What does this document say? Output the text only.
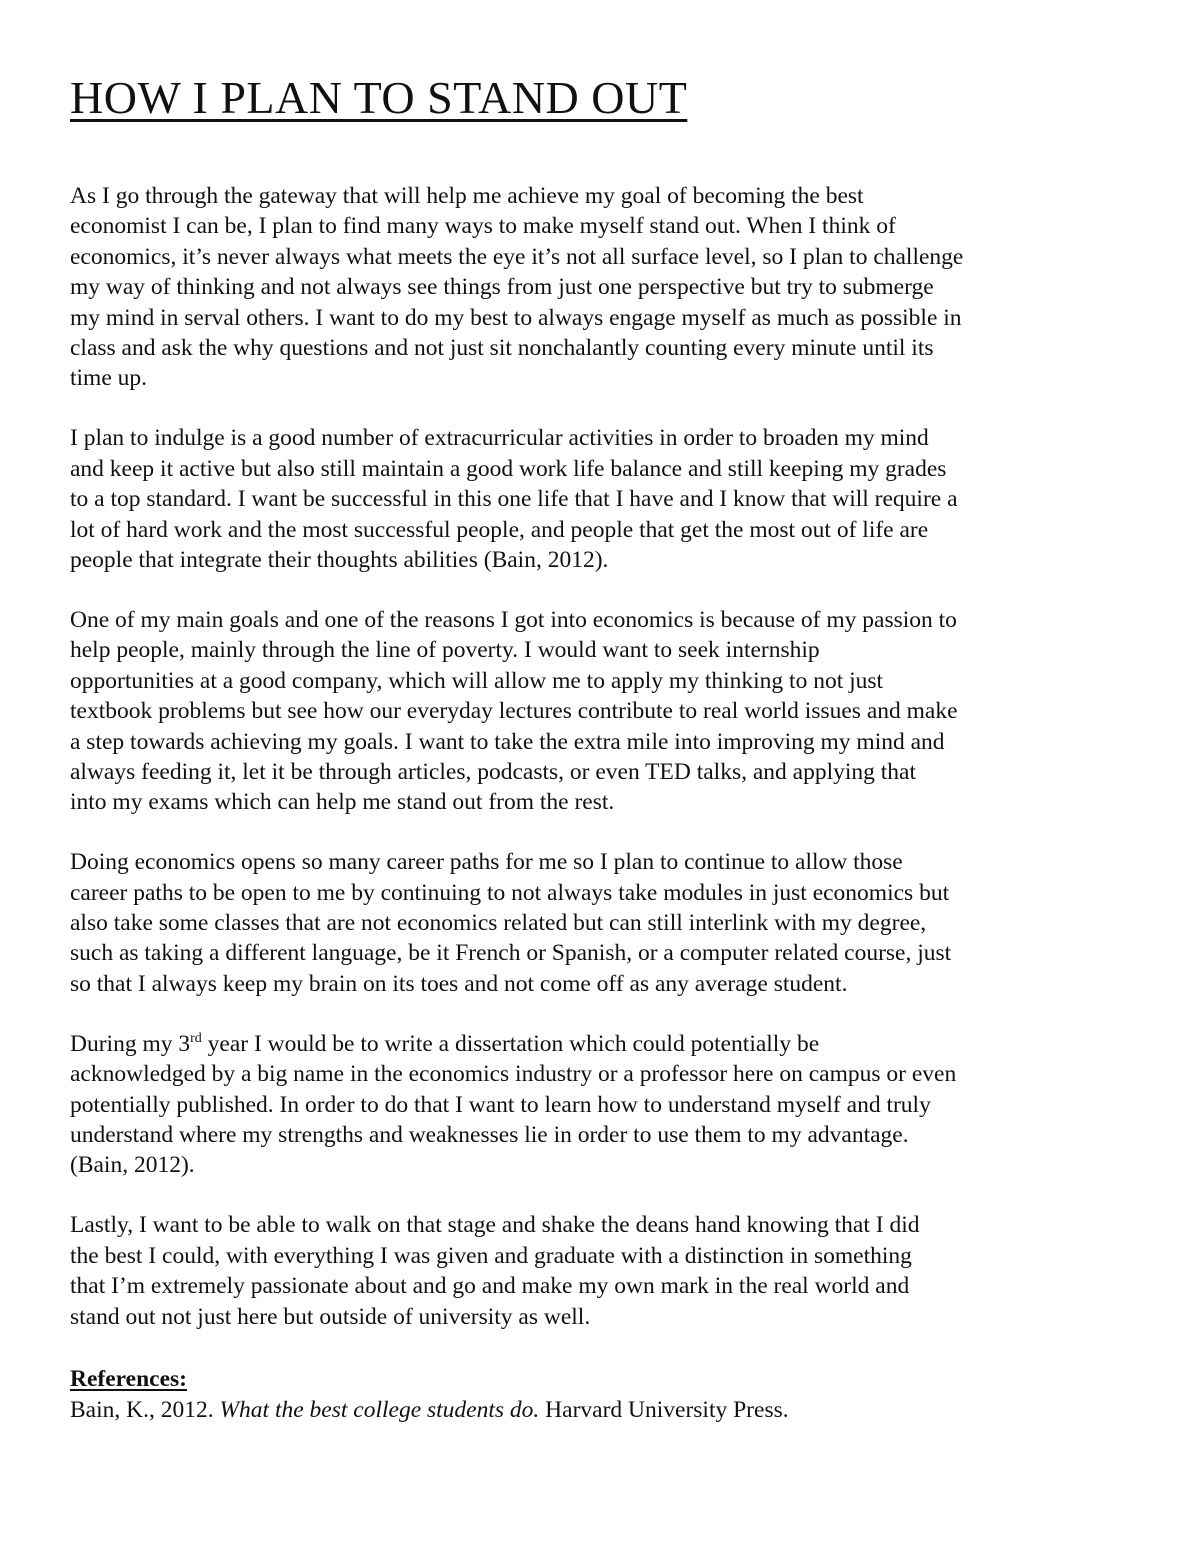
HOW I PLAN TO STAND OUT

As I go through the gateway that will help me achieve my goal of becoming the best
economist I can be, I plan to find many ways to make myself stand out. When I think of
economics, it’s never always what meets the eye it’s not all surface level, so I plan to challenge
my way of thinking and not always see things from just one perspective but try to submerge
my mind in serval others. I want to do my best to always engage myself as much as possible in
class and ask the why questions and not just sit nonchalantly counting every minute until its
time up.

I plan to indulge is a good number of extracurricular activities in order to broaden my mind
and keep it active but also still maintain a good work life balance and still keeping my grades
to a top standard. I want be successful in this one life that I have and I know that will require a
lot of hard work and the most successful people, and people that get the most out of life are
people that integrate their thoughts abilities (Bain, 2012).

One of my main goals and one of the reasons I got into economics is because of my passion to
help people, mainly through the line of poverty. I would want to seek internship
opportunities at a good company, which will allow me to apply my thinking to not just
textbook problems but see how our everyday lectures contribute to real world issues and make
a step towards achieving my goals. I want to take the extra mile into improving my mind and
always feeding it, let it be through articles, podcasts, or even TED talks, and applying that
into my exams which can help me stand out from the rest.

Doing economics opens so many career paths for me so I plan to continue to allow those
career paths to be open to me by continuing to not always take modules in just economics but
also take some classes that are not economics related but can still interlink with my degree,
such as taking a different language, be it French or Spanish, or a computer related course, just
so that I always keep my brain on its toes and not come off as any average student.

During my 3rd year I would be to write a dissertation which could potentially be
acknowledged by a big name in the economics industry or a professor here on campus or even
potentially published. In order to do that I want to learn how to understand myself and truly
understand where my strengths and weaknesses lie in order to use them to my advantage.
(Bain, 2012).

Lastly, I want to be able to walk on that stage and shake the deans hand knowing that I did
the best I could, with everything I was given and graduate with a distinction in something
that I’m extremely passionate about and go and make my own mark in the real world and
stand out not just here but outside of university as well.

References:

Bain, K., 2012. What the best college students do. Harvard University Press.
